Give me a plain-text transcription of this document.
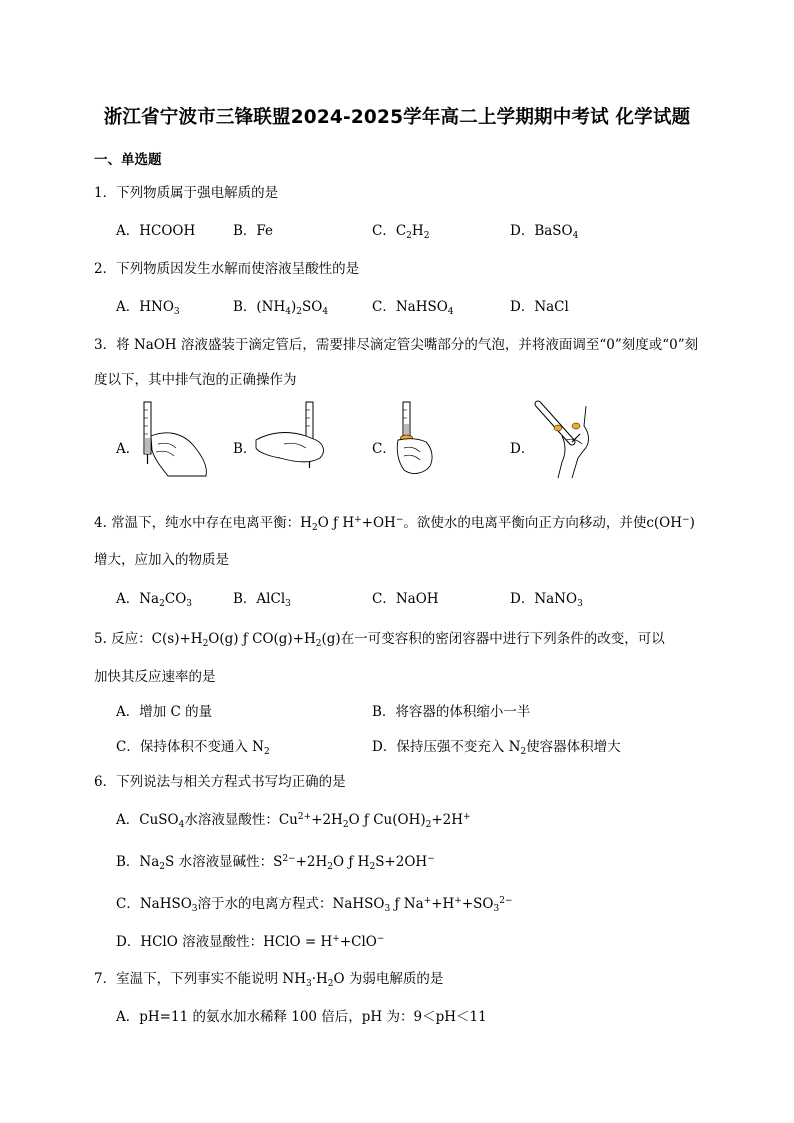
浙江省宁波市三锋联盟2024-2025学年高二上学期期中考试 化学试题
一、单选题
1．下列物质属于强电解质的是
A．HCOOH	B．Fe	C．$C_2H_2$	D．BaSO$_4$
2．下列物质因发生水解而使溶液呈酸性的是
A．$HNO_3$	B．$(NH_4)_2SO_4$	C．NaHSO$_4$	D．NaCl
3．将 NaOH 溶液盛装于滴定管后，需要排尽滴定管尖嘴部分的气泡，并将液面调至“0”刻度或“0”刻
度以下，其中排气泡的正确操作为
A．	B．	C．	D．
4. 常温下，纯水中存在电离平衡：$H_2O$ ƒ H++OH−。欲使水的电离平衡向正方向移动，并使c(OH−)
增大，应加入的物质是
A．$Na_2CO_3$	B．AlCl$_3$	C．NaOH	D．NaNO$_3$
5. 反应：$C(s)+H_2O(g)$ ƒ $CO(g)+H_2(g)$在一可变容积的密闭容器中进行下列条件的改变，可以
加快其反应速率的是
A．增加 C 的量	B．将容器的体积缩小一半
C．保持体积不变通入 $N_2$	D．保持压强不变充入 $N_2$使容器体积增大
6．下列说法与相关方程式书写均正确的是
A．CuSO$_4$水溶液显酸性：$Cu^{2+}+2H_2O$ ƒ $Cu(OH)_2+2H^+$
B．$Na_2S$ 水溶液显碱性：$S^{2-}+2H_2O$ ƒ $H_2S+2OH^-$
C．NaHSO$_3$溶于水的电离方程式：NaHSO$_3$ ƒ $Na^++H^++SO_3^{2-}$
D．HClO 溶液显酸性：HClO = H++ClO−
7．室温下，下列事实不能说明 $NH_3\cdot H_2O$ 为弱电解质的是
A．pH=11 的氨水加水稀释 100 倍后，pH 为：9＜pH＜11
